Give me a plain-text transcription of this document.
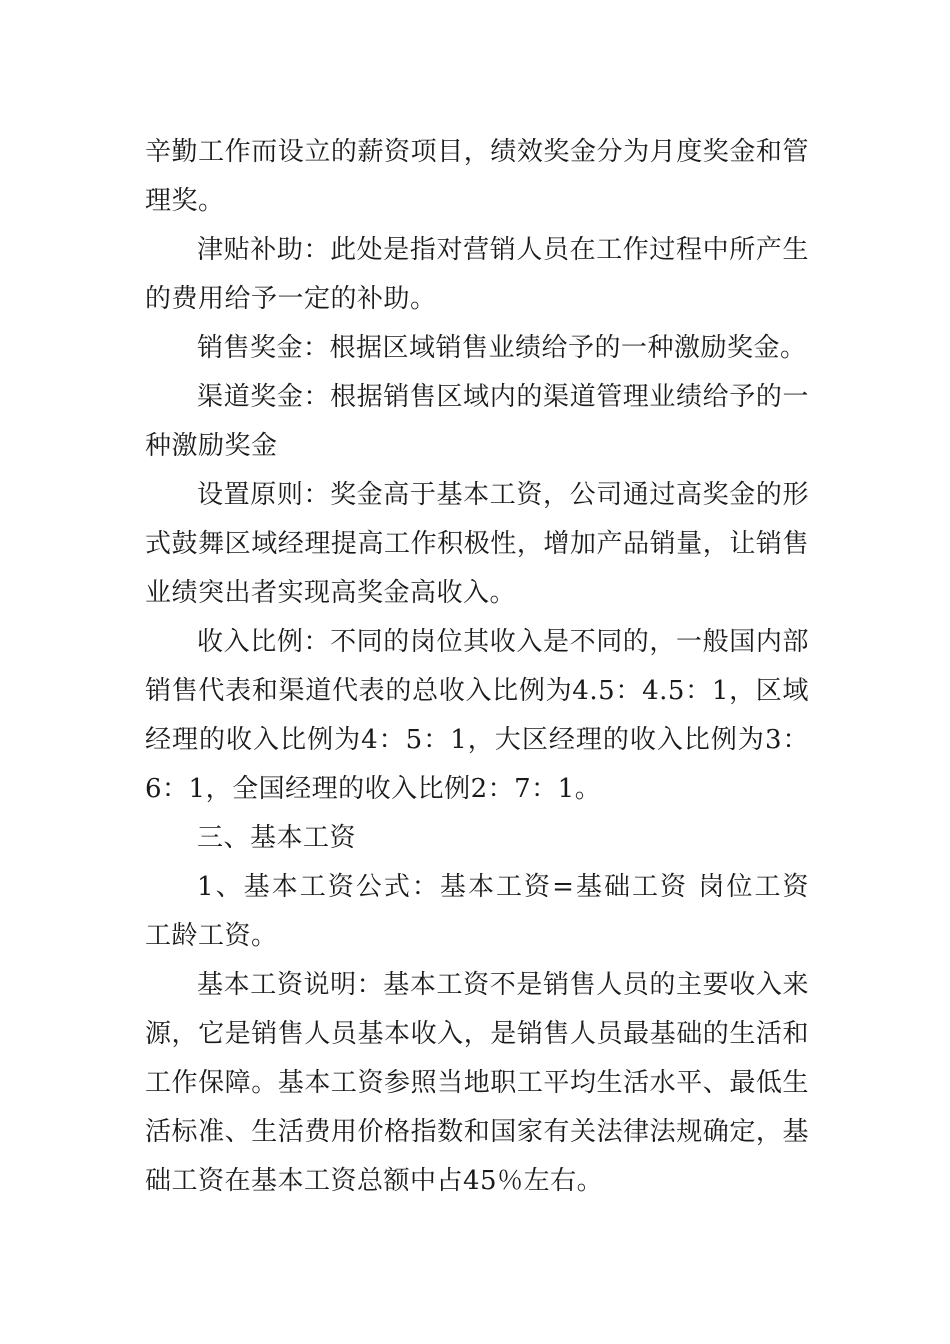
辛勤工作而设立的薪资项目，绩效奖金分为月度奖金和管理奖。

津贴补助：此处是指对营销人员在工作过程中所产生的费用给予一定的补助。

销售奖金：根据区域销售业绩给予的一种激励奖金。

渠道奖金：根据销售区域内的渠道管理业绩给予的一种激励奖金

设置原则：奖金高于基本工资，公司通过高奖金的形式鼓舞区域经理提高工作积极性，增加产品销量，让销售业绩突出者实现高奖金高收入。

收入比例：不同的岗位其收入是不同的，一般国内部销售代表和渠道代表的总收入比例为4.5：4.5：1，区域经理的收入比例为4：5：1，大区经理的收入比例为3：6：1，全国经理的收入比例2：7：1。

三、基本工资

1、基本工资公式：基本工资=基础工资 岗位工资 工龄工资。

基本工资说明：基本工资不是销售人员的主要收入来源，它是销售人员基本收入，是销售人员最基础的生活和工作保障。基本工资参照当地职工平均生活水平、最低生活标准、生活费用价格指数和国家有关法律法规确定，基础工资在基本工资总额中占45％左右。
